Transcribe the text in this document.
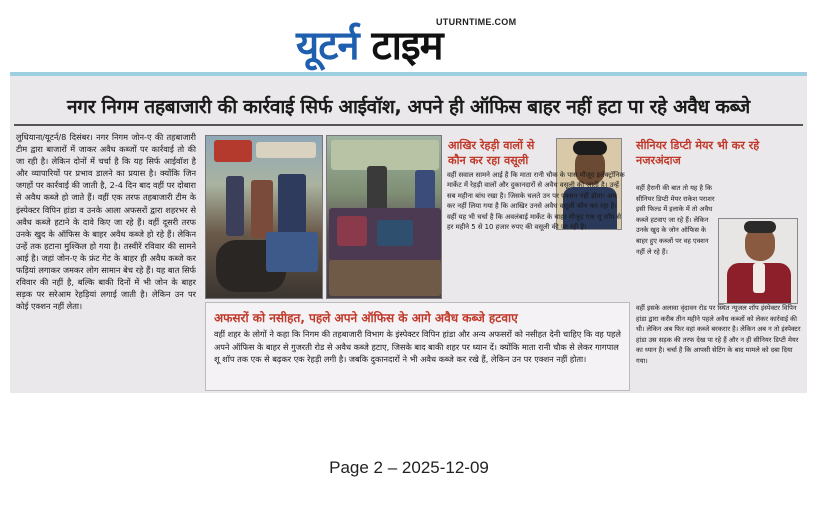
UTURNTIME.COM
यूटर्न टाइम
नगर निगम तहबाजारी की कार्रवाई सिर्फ आईवॉश, अपने ही ऑफिस बाहर नहीं हटा पा रहे अवैध कब्जे
लुधियाना/यूटर्न/8 दिसंबर। नगर निगम जोन-ए की तहबाजारी टीम द्वारा बाजारों में जाकर अवैध कब्जों पर कार्रवाई तो की जा रही है। लेकिन दोनों में चर्चा है कि यह सिर्फ आईवॉश है और व्यापारियों पर प्रभाव डालने का प्रयास है। क्योंकि जिन जगहों पर कार्रवाई की जाती है, 2-4 दिन बाद वहीं पर दोबारा से अवैध कब्जे हो जाते हैं। वहीं एक तरफ तहबाजारी टीम के इंस्पेक्टर विपिन हांडा व उनके आला अफसरों द्वारा शहरभर से अवैध कब्जे हटाने के दावे किए जा रहे हैं। वहीं दूसरी तरफ उनके खुद के ऑफिस के बाहर अवैध कब्जे हो रहे हैं। लेकिन उन्हें तक हटाना मुश्किल हो गया है। तस्वीरें रविवार की सामने आई है। जहां जोन-ए के फ्रंट गेट के बाहर ही अवैध कब्जे कर फड़ियां लगाकर जमकर लोग सामान बेच रहे हैं। यह बात सिर्फ रविवार की नहीं है, बल्कि बाकी दिनों में भी जोन के बाहर सड़क पर सरेआम रेहड़ियां लगाई जाती है। लेकिन उन पर कोई एक्शन नहीं लेता।
आखिर रेहड़ी वालों से कौन कर रहा वसूली
वहीं सवाल सामने आई है कि माता रानी चौक के पास मौजूद इलेक्ट्रॉनिक मार्केट में रेहड़ी वालों और दुकानदारों से अवैध वसूली की जाती है। उन्हें सब महीना बांध रखा है। जिसके चलते उन पर एक्शन नहीं होता। अब कर नहीं लिया गया है कि आखिर उनसे अवैध वसूली कौन कर रहा है। वहीं यह भी चर्चा है कि अवलंबाई मार्केट के बाहर मौजूद एक शू शॉप से हर महीने 5 से 10 हजार रुपए की वसूली की जा रही है।
सीनियर डिप्टी मेयर भी कर रहे नजरअंदाज
वहीं हैरानी की बात तो यह है कि सीनियर डिप्टी मेयर राकेश पराशर इसी फिल्ड में इलाके में तो अवैध कब्जे हटवाए जा रहे हैं। लेकिन उनके खुद के जोन ऑफिस के बाहर हुए कब्जों पर वह एक्शन नहीं ले रहे हैं।
वहीं इसके अलावा वृंदावन रोड पर स्थित न्यूजल शॉप इंस्पेक्टर विपिन हांडा द्वारा करीब तीन महीने पहले अवैध कब्जों को लेकर कार्रवाई की थी। लेकिन अब फिर वहां कब्जे बरकरार है। लेकिन अब न तो इंस्पेक्टर हांडा उस सड़क की तरफ देख पा रहे हैं और न ही सीनियर डिप्टी मेयर का ध्यान है। चर्चा है कि आपसी सेटिंग के बाद मामले को दबा दिया गया।
अफसरों को नसीहत, पहले अपने ऑफिस के आगे अवैध कब्जे हटवाए
वहीं शहर के लोगों ने कहा कि निगम की तहबाजारी विभाग के इंस्पेक्टर विपिन हांडा और अन्य अफसरों को नसीहत देनी चाहिए कि वह पहले अपने ऑफिस के बाहर से गुजरती रोड से अवैध कब्जे हटाए, जिसके बाद बाकी शहर पर ध्यान दें। क्योंकि माता रानी चौक से लेकर गागपाल शू शॉप तक एक से बढ़कर एक रेहड़ी लगी है। जबकि दुकानदारों ने भी अवैध कब्जे कर रखे हैं, लेकिन उन पर एक्शन नहीं होता।
Page 2 – 2025-12-09
